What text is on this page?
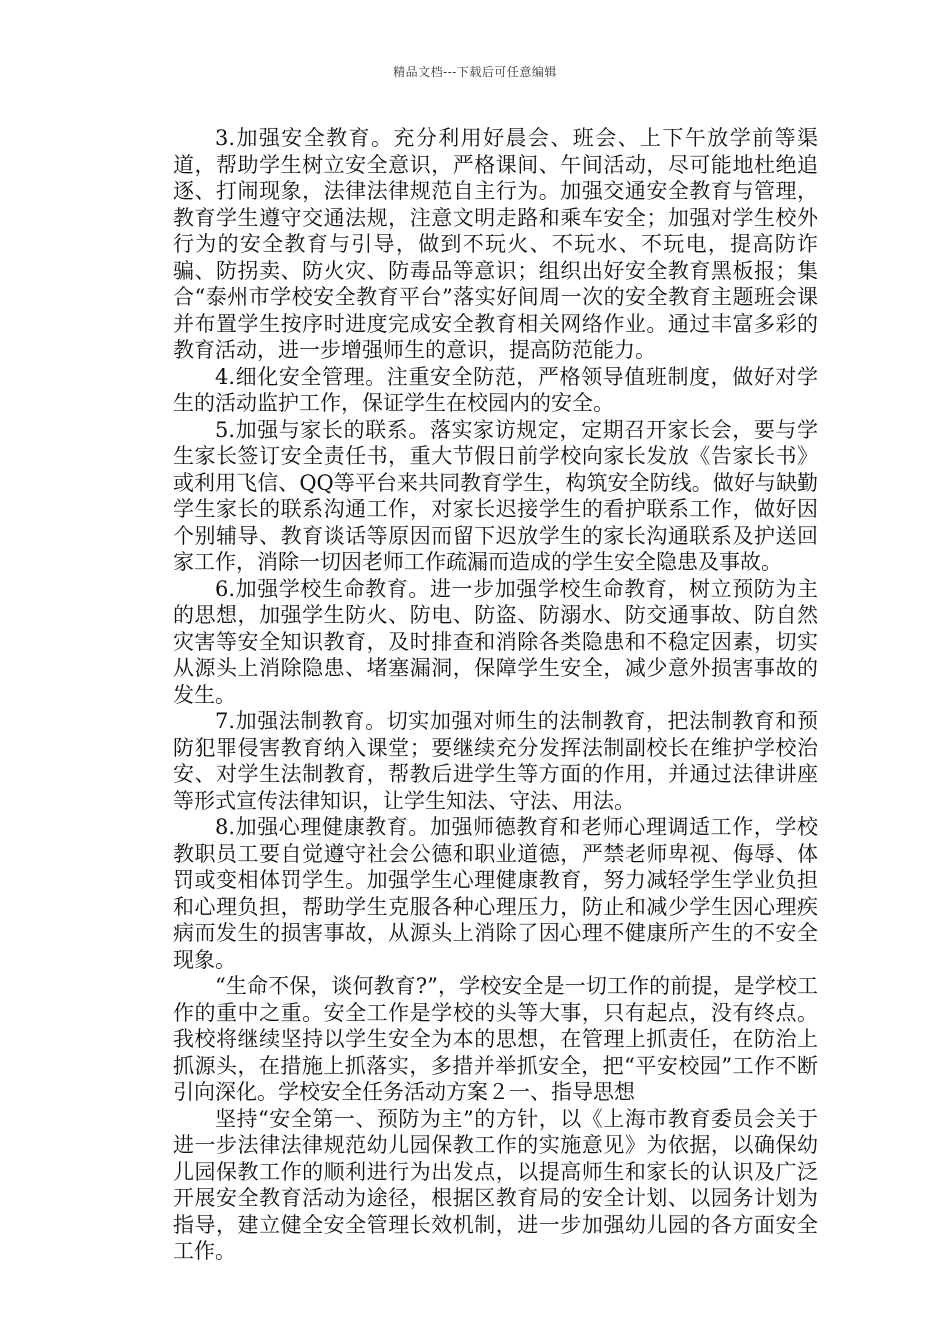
精品文档---下载后可任意编辑

3.加强安全教育。充分利用好晨会、班会、上下午放学前等渠道，帮助学生树立安全意识，严格课间、午间活动，尽可能地杜绝追逐、打闹现象，法律法律规范自主行为。加强交通安全教育与管理，教育学生遵守交通法规，注意文明走路和乘车安全；加强对学生校外行为的安全教育与引导，做到不玩火、不玩水、不玩电，提高防诈骗、防拐卖、防火灾、防毒品等意识；组织出好安全教育黑板报；集合“泰州市学校安全教育平台”落实好间周一次的安全教育主题班会课并布置学生按序时进度完成安全教育相关网络作业。通过丰富多彩的教育活动，进一步增强师生的意识，提高防范能力。

4.细化安全管理。注重安全防范，严格领导值班制度，做好对学生的活动监护工作，保证学生在校园内的安全。

5.加强与家长的联系。落实家访规定，定期召开家长会，要与学生家长签订安全责任书，重大节假日前学校向家长发放《告家长书》或利用飞信、QQ等平台来共同教育学生，构筑安全防线。做好与缺勤学生家长的联系沟通工作，对家长迟接学生的看护联系工作，做好因个别辅导、教育谈话等原因而留下迟放学生的家长沟通联系及护送回家工作，消除一切因老师工作疏漏而造成的学生安全隐患及事故。

6.加强学校生命教育。进一步加强学校生命教育，树立预防为主的思想，加强学生防火、防电、防盗、防溺水、防交通事故、防自然灾害等安全知识教育，及时排查和消除各类隐患和不稳定因素，切实从源头上消除隐患、堵塞漏洞，保障学生安全，减少意外损害事故的发生。

7.加强法制教育。切实加强对师生的法制教育，把法制教育和预防犯罪侵害教育纳入课堂；要继续充分发挥法制副校长在维护学校治安、对学生法制教育，帮教后进学生等方面的作用，并通过法律讲座等形式宣传法律知识，让学生知法、守法、用法。

8.加强心理健康教育。加强师德教育和老师心理调适工作，学校教职员工要自觉遵守社会公德和职业道德，严禁老师卑视、侮辱、体罚或变相体罚学生。加强学生心理健康教育，努力减轻学生学业负担和心理负担，帮助学生克服各种心理压力，防止和减少学生因心理疾病而发生的损害事故，从源头上消除了因心理不健康所产生的不安全现象。

“生命不保，谈何教育?”，学校安全是一切工作的前提，是学校工作的重中之重。安全工作是学校的头等大事，只有起点，没有终点。我校将继续坚持以学生安全为本的思想，在管理上抓责任，在防治上抓源头，在措施上抓落实，多措并举抓安全，把“平安校园”工作不断引向深化。学校安全任务活动方案２一、指导思想

坚持“安全第一、预防为主”的方针，以《上海市教育委员会关于进一步法律法律规范幼儿园保教工作的实施意见》为依据，以确保幼儿园保教工作的顺利进行为出发点，以提高师生和家长的认识及广泛开展安全教育活动为途径，根据区教育局的安全计划、以园务计划为指导，建立健全安全管理长效机制，进一步加强幼儿园的各方面安全工作。
